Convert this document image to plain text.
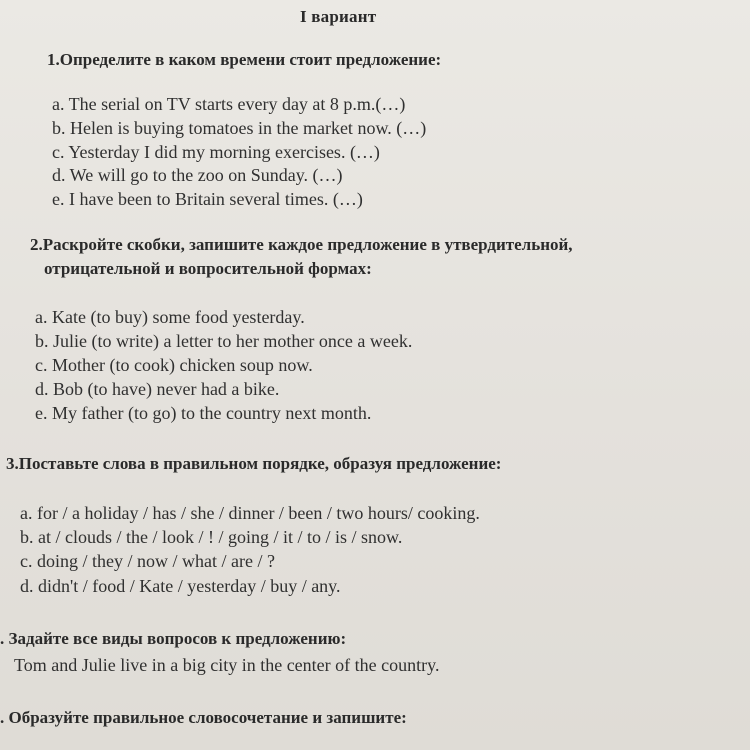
I вариант
1.Определите в каком времени стоит предложение:
a. The serial on TV starts every day at 8 p.m.(…)
b. Helen is buying tomatoes in the market now. (…)
c. Yesterday I did my morning exercises. (…)
d. We will go to the zoo on Sunday. (…)
e. I have been to Britain several times. (…)
2.Раскройте скобки, запишите каждое предложение в утвердительной,
отрицательной и вопросительной формах:
a. Kate (to buy) some food yesterday.
b. Julie (to write) a letter to her mother once a week.
c. Mother (to cook) chicken soup now.
d. Bob (to have) never had a bike.
e. My father (to go) to the country next month.
3.Поставьте слова в правильном порядке, образуя предложение:
a. for / a holiday / has / she / dinner / been / two hours/ cooking.
b. at / clouds / the / look / ! / going / it / to / is / snow.
c. doing / they / now / what / are / ?
d. didn't / food / Kate / yesterday / buy / any.
. Задайте все виды вопросов к предложению:
Tom and Julie live in a big city in the center of the country.
. Образуйте правильное словосочетание и запишите:
